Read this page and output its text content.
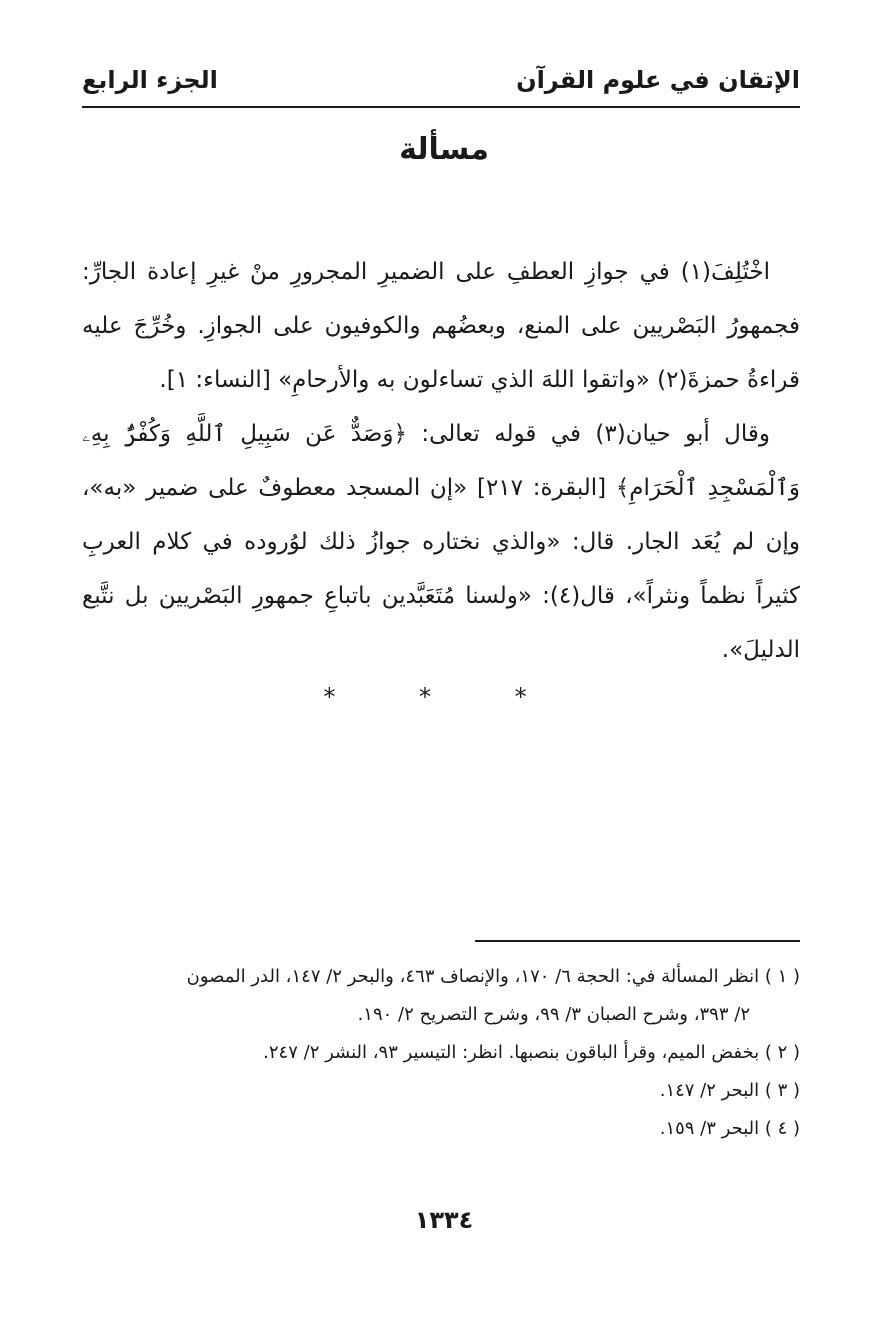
الإتقان في علوم القرآن
الجزء الرابع
مسألة

اخْتُلِفَ(١) في جوازِ العطفِ على الضميرِ المجرورِ منْ غيرِ إعادة الجارِّ: فجمهورُ البَصْريين على المنع، وبعضُهم والكوفيون على الجوازِ. وخُرِّجَ عليه قراءةُ حمزةَ(٢) «واتقوا اللهَ الذي تساءلون به والأرحامِ» [النساء: ١].

وقال أبو حيان(٣) في قوله تعالى: ﴿وَصَدٌّ عَن سَبِيلِ ٱللَّهِ وَكُفْرٌۢ بِهِۦ وَٱلْمَسْجِدِ ٱلْحَرَامِ﴾ [البقرة: ٢١٧] «إن المسجد معطوفٌ على ضمير «به»، وإن لم يُعَد الجار. قال: «والذي نختاره جوازُ ذلك لوُروده في كلام العربِ كثيراً نظماً ونثراً»، قال(٤): «ولسنا مُتَعَبَّدين باتباعِ جمهورِ البَصْريين بل نتَّبع الدليلَ».

* * *
( ١ ) انظر المسألة في: الحجة ٦/ ١٧٠، والإنصاف ٤٦٣، والبحر ٢/ ١٤٧، الدر المصون
٢/ ٣٩٣، وشرح الصبان ٣/ ٩٩، وشرح التصريح ٢/ ١٩٠.
( ٢ ) بخفض الميم، وقرأ الباقون بنصبها. انظر: التيسير ٩٣، النشر ٢/ ٢٤٧.
( ٣ ) البحر ٢/ ١٤٧.
( ٤ ) البحر ٣/ ١٥٩.
١٣٣٤
